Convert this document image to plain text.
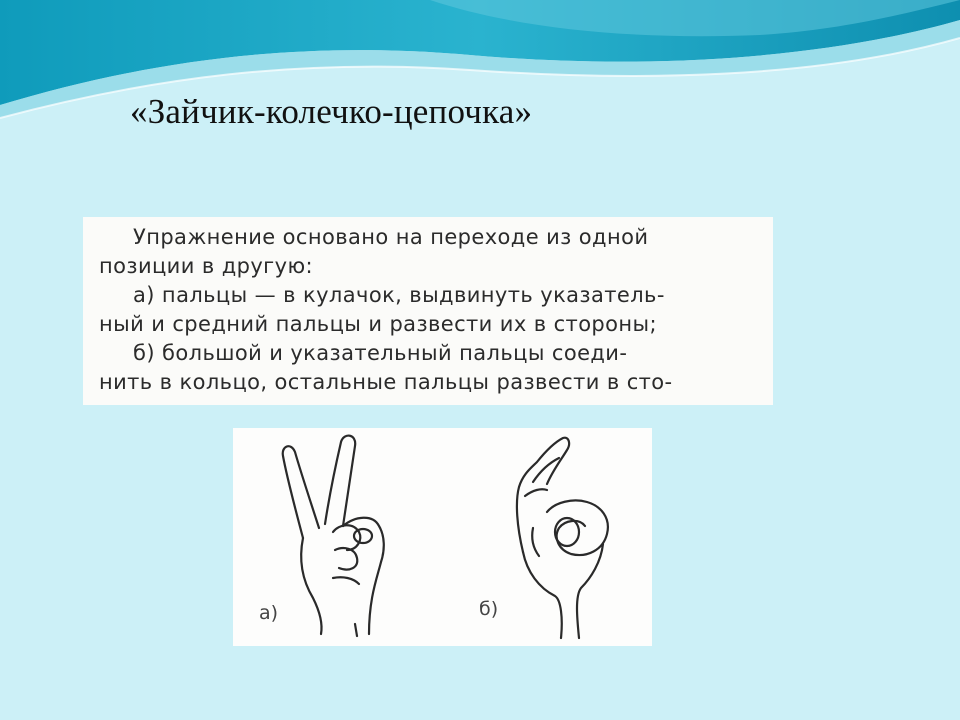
«Зайчик-колечко-цепочка»
Упражнение основано на переходе из одной
позиции в другую:
а) пальцы — в кулачок, выдвинуть указатель-
ный и средний пальцы и развести их в стороны;
б) большой и указательный пальцы соеди-
нить в кольцо, остальные пальцы развести в сто-
а)	б)
